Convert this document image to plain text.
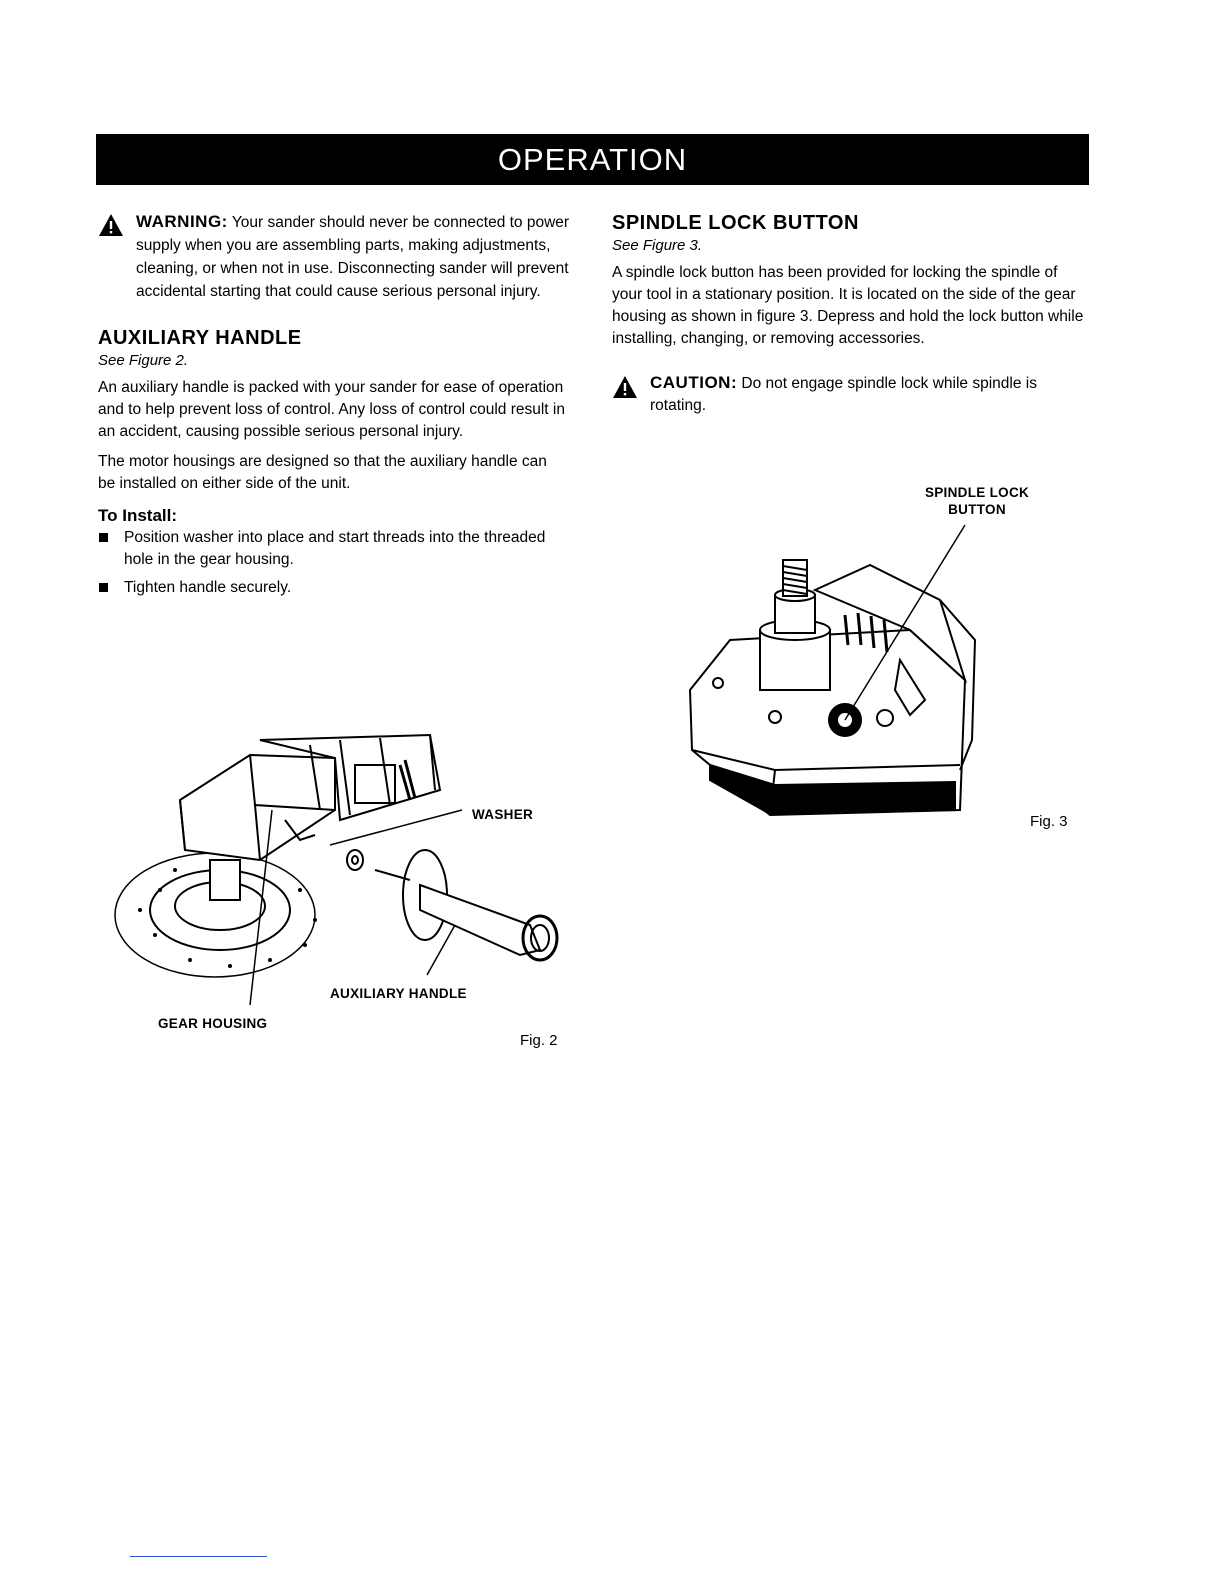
OPERATION

WARNING: Your sander should never be connected to power supply when you are assembling parts, making adjustments, cleaning, or when not in use. Disconnecting sander will prevent accidental starting that could cause serious personal injury.

AUXILIARY HANDLE
See Figure 2.

An auxiliary handle is packed with your sander for ease of operation and to help prevent loss of control. Any loss of control could result in an accident, causing possible serious personal injury.

The motor housings are designed so that the auxiliary handle can be installed on either side of the unit.

To Install:

Position washer into place and start threads into the threaded hole in the gear housing.

Tighten handle securely.

WASHER
AUXILIARY HANDLE
GEAR HOUSING
Fig. 2
SPINDLE LOCK BUTTON
See Figure 3.

A spindle lock button has been provided for locking the spindle of your tool in a stationary position. It is located on the side of the gear housing as shown in figure 3. Depress and hold the lock button while installing, changing, or removing accessories.

CAUTION: Do not engage spindle lock while spindle is rotating.

SPINDLE LOCK
BUTTON
Fig. 3
